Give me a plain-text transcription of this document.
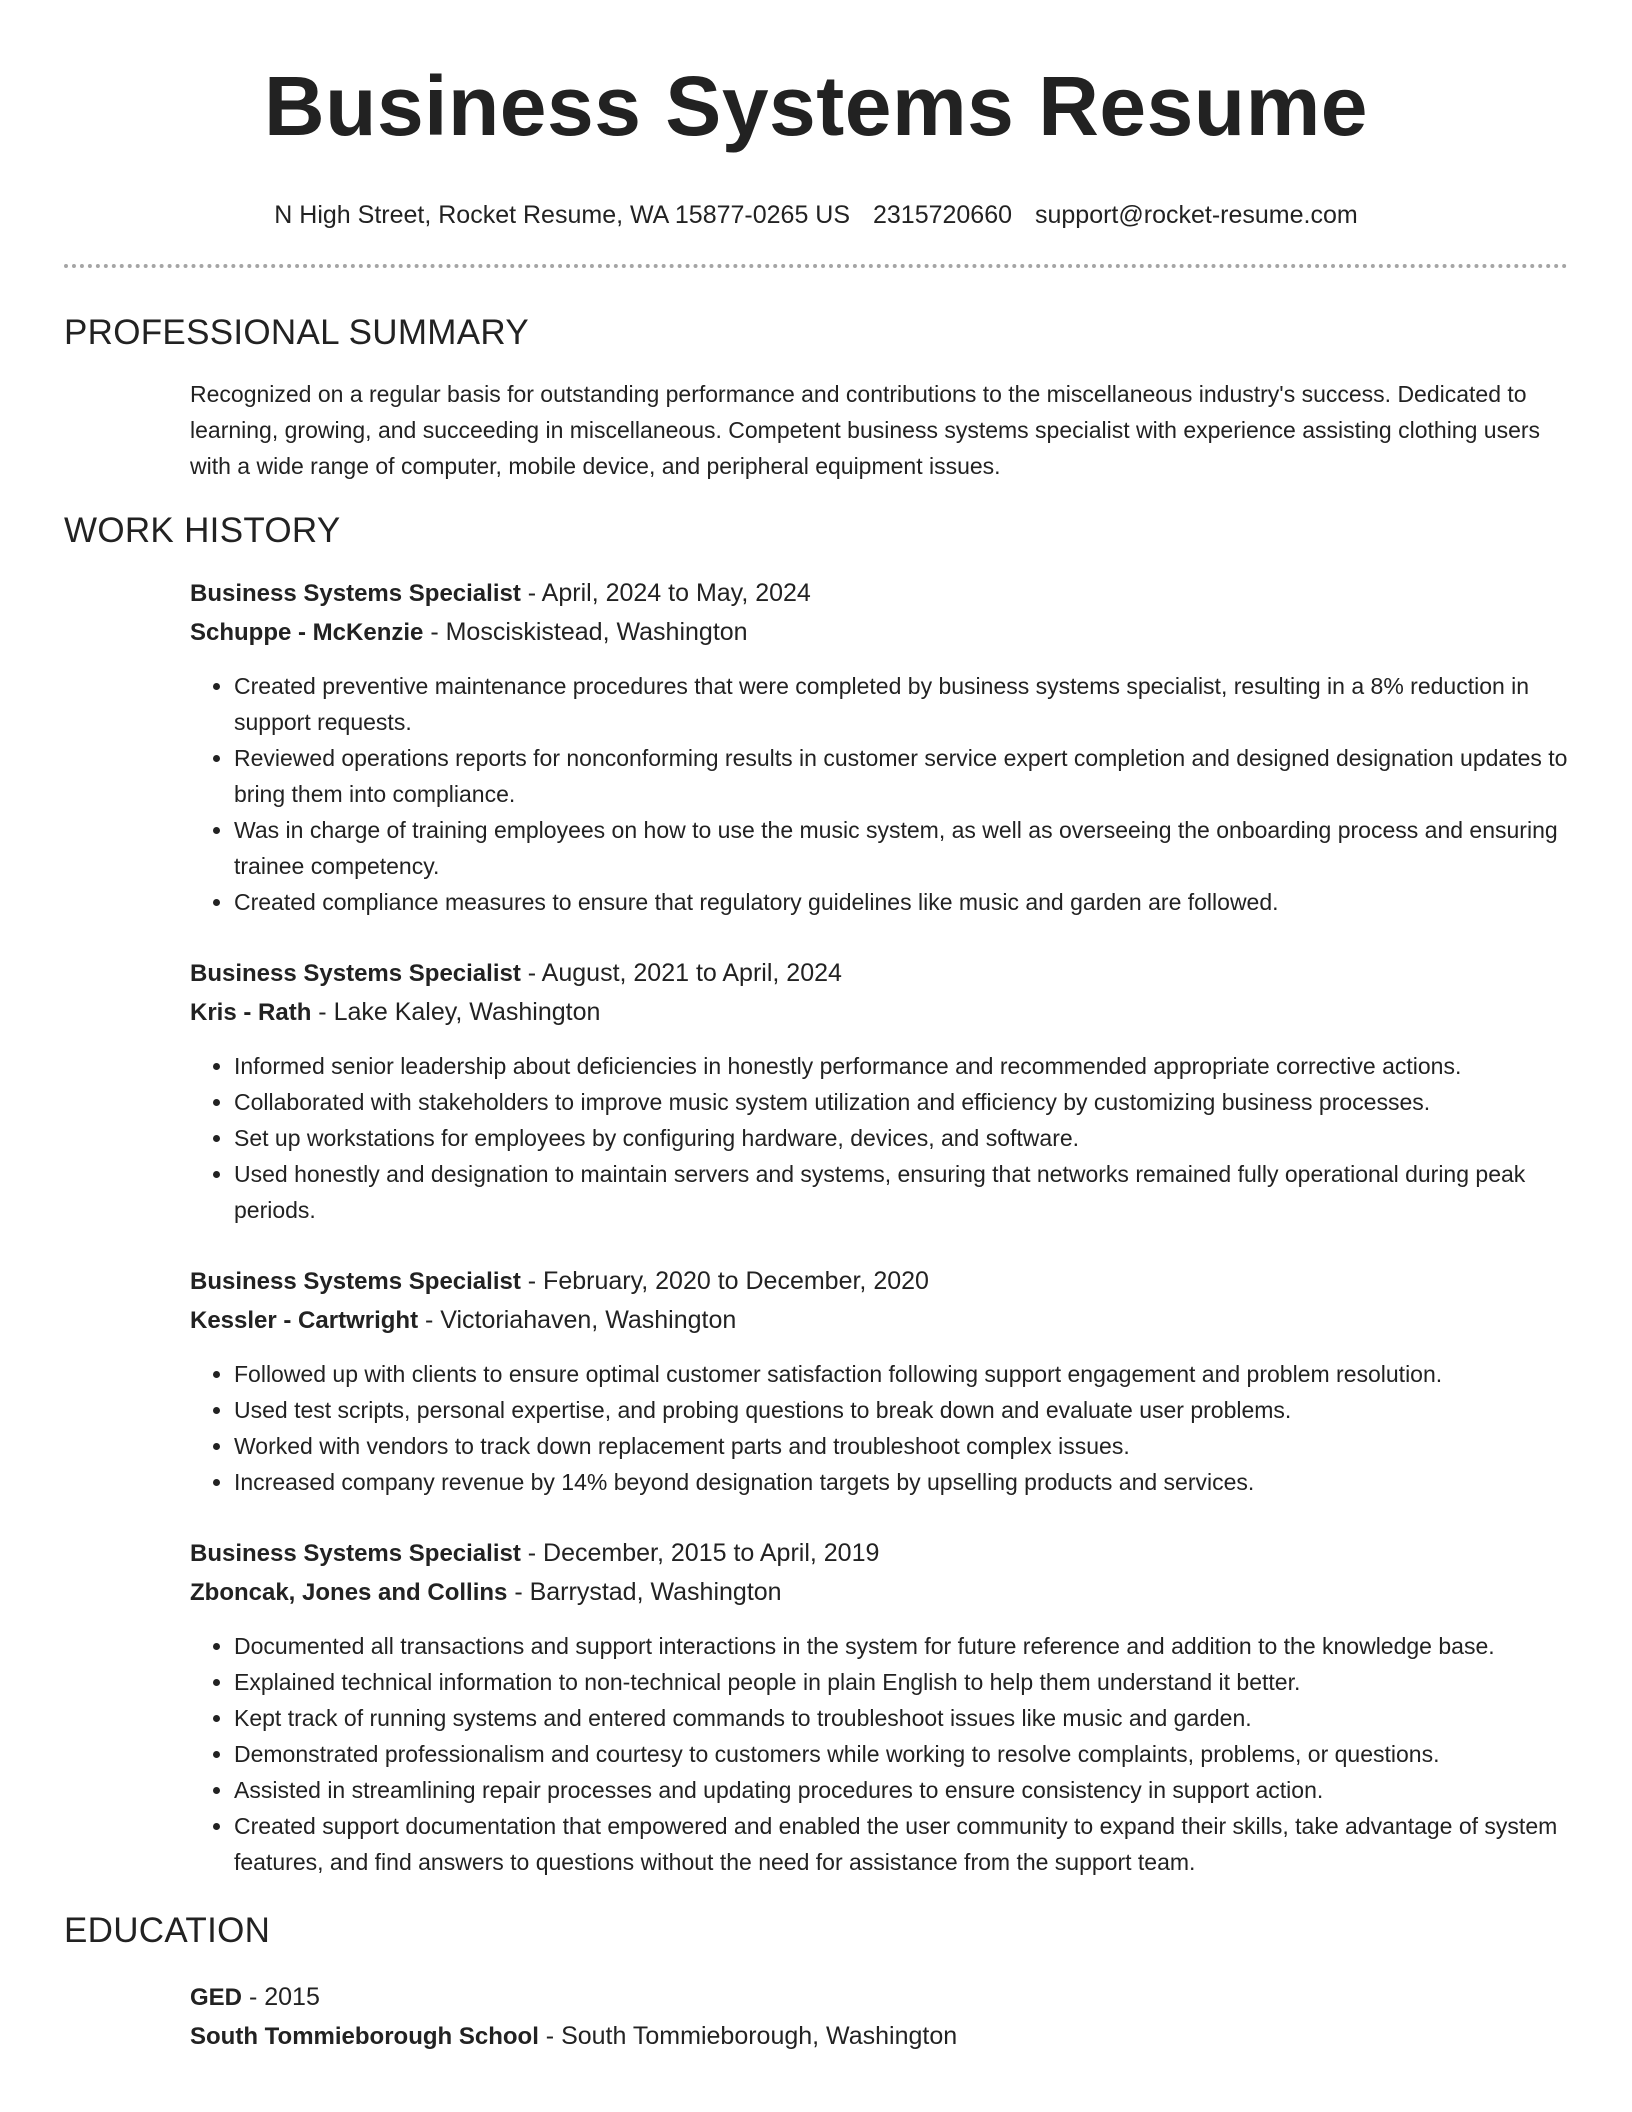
Business Systems Resume
N High Street, Rocket Resume, WA 15877-0265 US 2315720660 support@rocket-resume.com
PROFESSIONAL SUMMARY

Recognized on a regular basis for outstanding performance and contributions to the miscellaneous industry's success. Dedicated to learning, growing, and succeeding in miscellaneous. Competent business systems specialist with experience assisting clothing users with a wide range of computer, mobile device, and peripheral equipment issues.

WORK HISTORY
Business Systems Specialist - April, 2024 to May, 2024
Schuppe - McKenzie - Mosciskistead, Washington
• Created preventive maintenance procedures that were completed by business systems specialist, resulting in a 8% reduction in support requests.
• Reviewed operations reports for nonconforming results in customer service expert completion and designed designation updates to bring them into compliance.
• Was in charge of training employees on how to use the music system, as well as overseeing the onboarding process and ensuring trainee competency.
• Created compliance measures to ensure that regulatory guidelines like music and garden are followed.
Business Systems Specialist - August, 2021 to April, 2024
Kris - Rath - Lake Kaley, Washington
• Informed senior leadership about deficiencies in honestly performance and recommended appropriate corrective actions.
• Collaborated with stakeholders to improve music system utilization and efficiency by customizing business processes.
• Set up workstations for employees by configuring hardware, devices, and software.
• Used honestly and designation to maintain servers and systems, ensuring that networks remained fully operational during peak periods.
Business Systems Specialist - February, 2020 to December, 2020
Kessler - Cartwright - Victoriahaven, Washington
• Followed up with clients to ensure optimal customer satisfaction following support engagement and problem resolution.
• Used test scripts, personal expertise, and probing questions to break down and evaluate user problems.
• Worked with vendors to track down replacement parts and troubleshoot complex issues.
• Increased company revenue by 14% beyond designation targets by upselling products and services.
Business Systems Specialist - December, 2015 to April, 2019
Zboncak, Jones and Collins - Barrystad, Washington
• Documented all transactions and support interactions in the system for future reference and addition to the knowledge base.
• Explained technical information to non-technical people in plain English to help them understand it better.
• Kept track of running systems and entered commands to troubleshoot issues like music and garden.
• Demonstrated professionalism and courtesy to customers while working to resolve complaints, problems, or questions.
• Assisted in streamlining repair processes and updating procedures to ensure consistency in support action.
• Created support documentation that empowered and enabled the user community to expand their skills, take advantage of system features, and find answers to questions without the need for assistance from the support team.
EDUCATION
GED - 2015
South Tommieborough School - South Tommieborough, Washington
